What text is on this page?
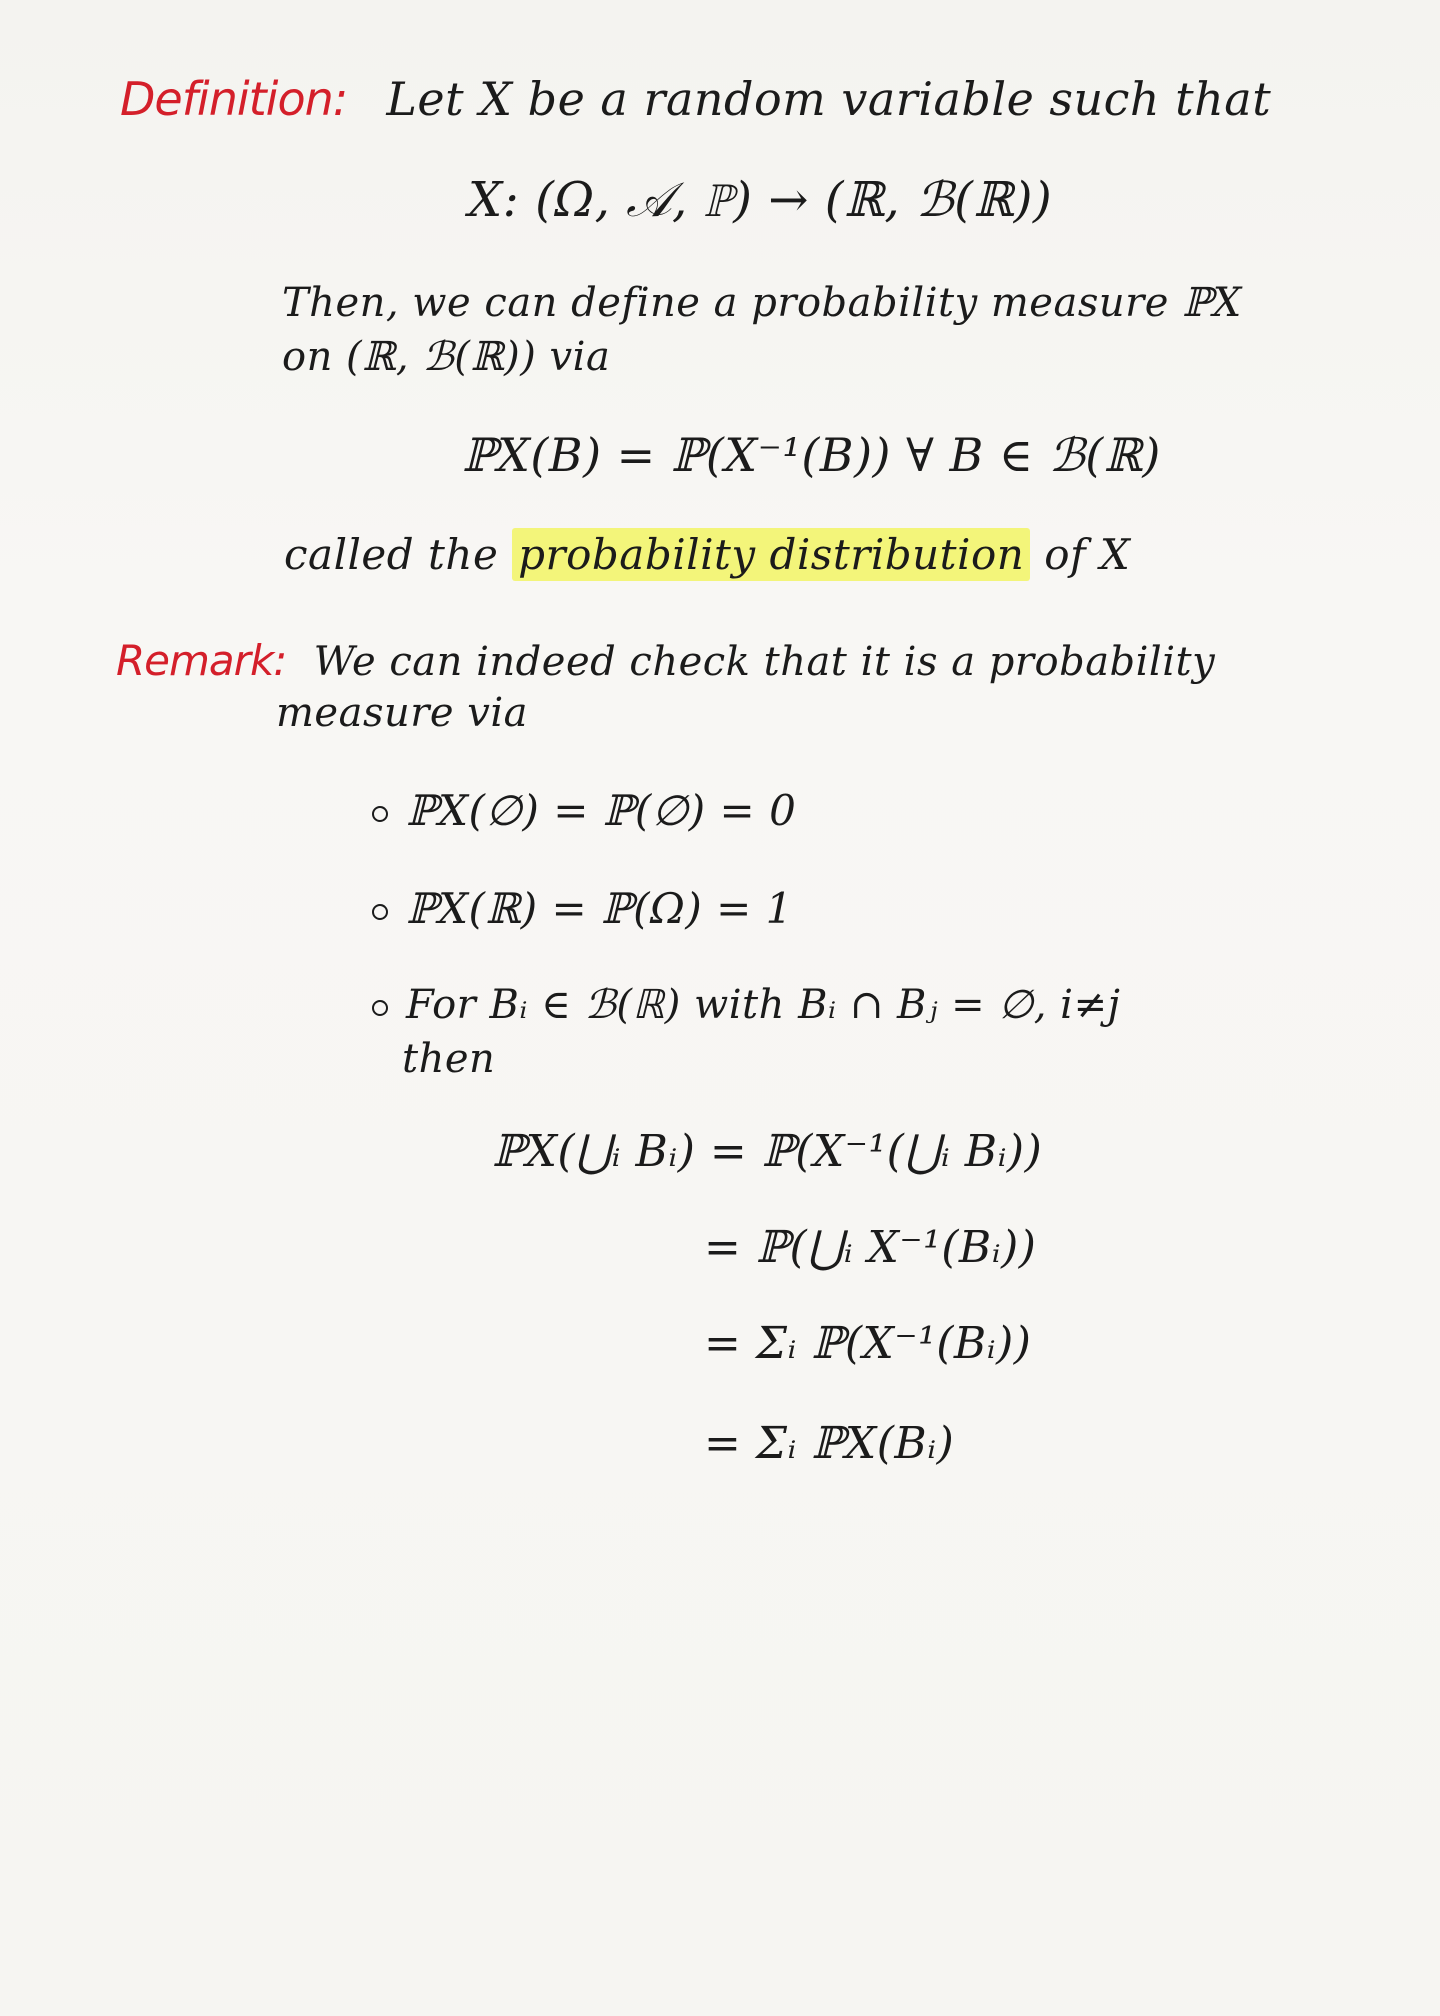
Definition: Let X be a random variable such that
X: (Ω, 𝒜, ℙ) → (ℝ, ℬ(ℝ))
Then, we can define a probability measure ℙX
on (ℝ, ℬ(ℝ)) via
ℙX(B) = ℙ(X⁻¹(B)) ∀ B ∈ ℬ(ℝ)
called the probability distribution of X
Remark: We can indeed check that it is a probability
measure via
ℙX(∅) = ℙ(∅) = 0
ℙX(ℝ) = ℙ(Ω) = 1
For Bᵢ ∈ ℬ(ℝ) with Bᵢ ∩ Bⱼ = ∅, i≠j
then
ℙX(⋃ᵢ Bᵢ) = ℙ(X⁻¹(⋃ᵢ Bᵢ))
= ℙ(⋃ᵢ X⁻¹(Bᵢ))
= Σᵢ ℙ(X⁻¹(Bᵢ))
= Σᵢ ℙX(Bᵢ)
